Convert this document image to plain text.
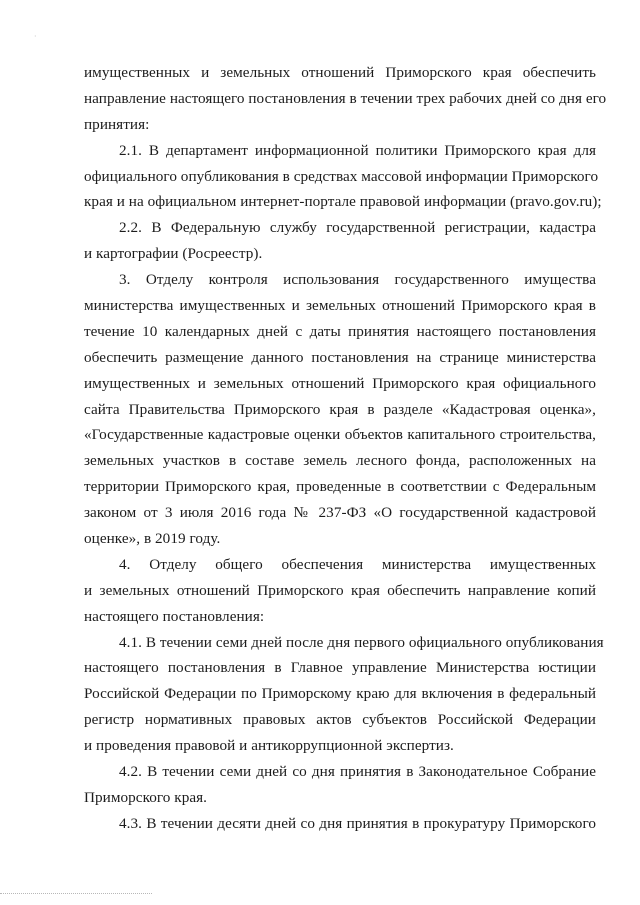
·
имущественных и земельных отношений Приморского края обеспечить
направление настоящего постановления в течении трех рабочих дней со дня его
принятия:
2.1. В департамент информационной политики Приморского края для
официального опубликования в средствах массовой информации Приморского
края и на официальном интернет-портале правовой информации (pravo.gov.ru);
2.2. В Федеральную службу государственной регистрации, кадастра
и картографии (Росреестр).
3. Отделу контроля использования государственного имущества
министерства имущественных и земельных отношений Приморского края в
течение 10 календарных дней с даты принятия настоящего постановления
обеспечить размещение данного постановления на странице министерства
имущественных и земельных отношений Приморского края официального
сайта Правительства Приморского края в разделе «Кадастровая оценка»,
«Государственные кадастровые оценки объектов капитального строительства,
земельных участков в составе земель лесного фонда, расположенных на
территории Приморского края, проведенные в соответствии с Федеральным
законом от 3 июля 2016 года № 237-ФЗ «О государственной кадастровой
оценке», в 2019 году.
4. Отделу общего обеспечения министерства имущественных
и земельных отношений Приморского края обеспечить направление копий
настоящего постановления:
4.1. В течении семи дней после дня первого официального опубликования
настоящего постановления в Главное управление Министерства юстиции
Российской Федерации по Приморскому краю для включения в федеральный
регистр нормативных правовых актов субъектов Российской Федерации
и проведения правовой и антикоррупционной экспертиз.
4.2. В течении семи дней со дня принятия в Законодательное Собрание
Приморского края.
4.3. В течении десяти дней со дня принятия в прокуратуру Приморского
